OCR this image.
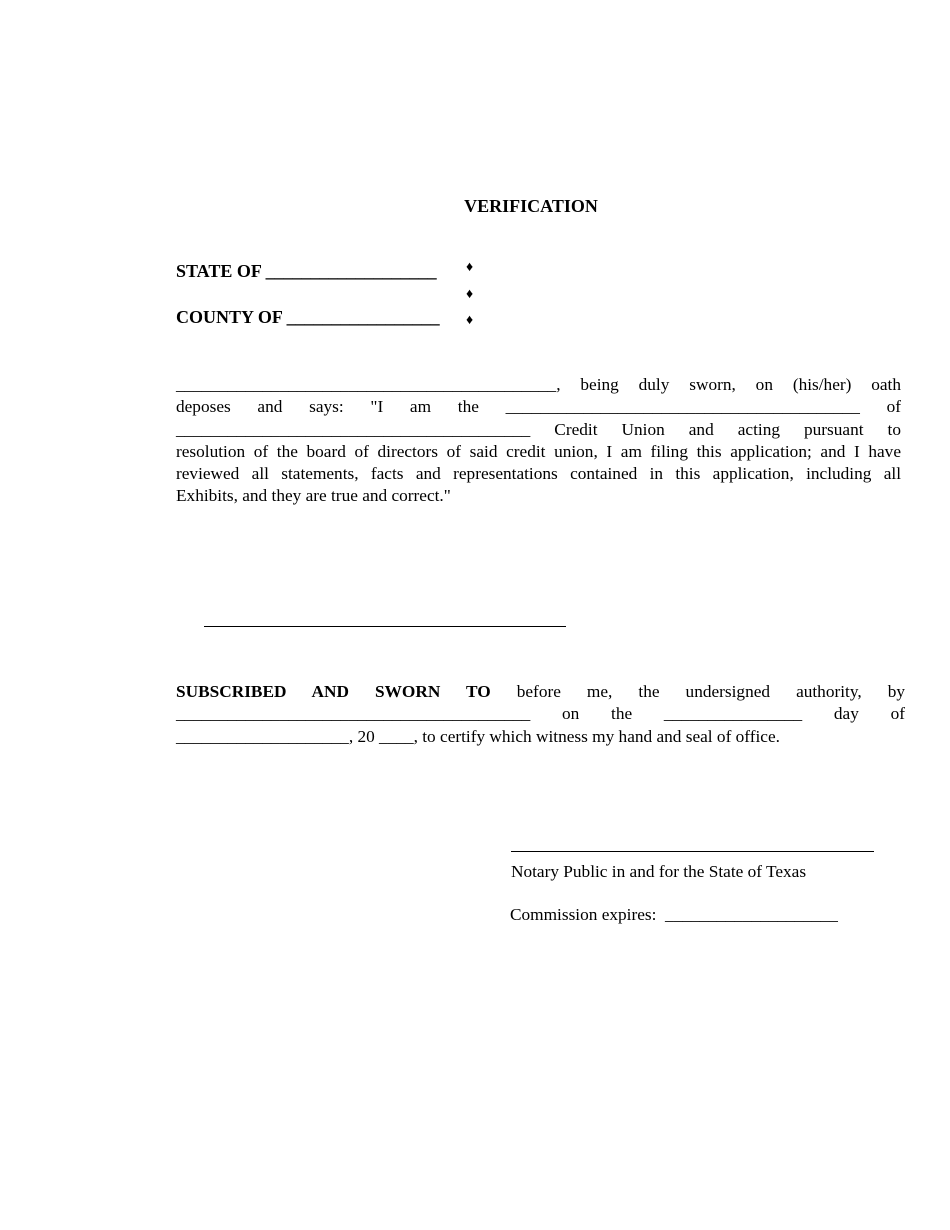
VERIFICATION
STATE OF ___________________
COUNTY OF _________________
♦
♦
♦
____________________________________________, being duly sworn, on (his/her) oath
deposes and says: "I am the _________________________________________ of
_________________________________________ Credit Union and acting pursuant to
resolution of the board of directors of said credit union, I am filing this application; and I have
reviewed all statements, facts and representations contained in this application, including all
Exhibits, and they are true and correct."
SUBSCRIBED AND SWORN TO before me, the undersigned authority, by
_________________________________________ on the ________________ day of
____________________, 20 ____, to certify which witness my hand and seal of office.
Notary Public in and for the State of Texas
Commission expires:  ____________________
